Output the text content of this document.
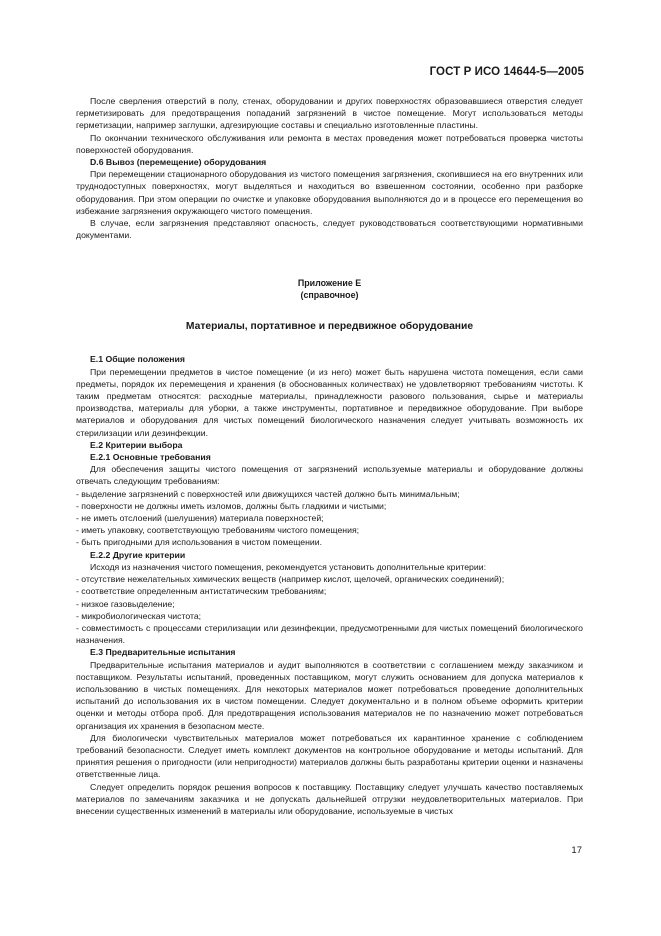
ГОСТ Р ИСО 14644-5—2005

После сверления отверстий в полу, стенах, оборудовании и других поверхностях образовавшиеся отверстия следует герметизировать для предотвращения попаданий загрязнений в чистое помещение. Могут использоваться методы герметизации, например заглушки, адгезирующие составы и специально изготовленные пластины.

По окончании технического обслуживания или ремонта в местах проведения может потребоваться проверка чистоты поверхностей оборудования.

D.6 Вывоз (перемещение) оборудования

При перемещении стационарного оборудования из чистого помещения загрязнения, скопившиеся на его внутренних или труднодоступных поверхностях, могут выделяться и находиться во взвешенном состоянии, особенно при разборке оборудования. При этом операции по очистке и упаковке оборудования выполняются до и в процессе его перемещения во избежание загрязнения окружающего чистого помещения.

В случае, если загрязнения представляют опасность, следует руководствоваться соответствующими нормативными документами.

Приложение Е

(справочное)

Материалы, портативное и передвижное оборудование

Е.1 Общие положения

При перемещении предметов в чистое помещение (и из него) может быть нарушена чистота помещения, если сами предметы, порядок их перемещения и хранения (в обоснованных количествах) не удовлетворяют требованиям чистоты. К таким предметам относятся: расходные материалы, принадлежности разового пользования, сырье и материалы производства, материалы для уборки, а также инструменты, портативное и передвижное оборудование. При выборе материалов и оборудования для чистых помещений биологического назначения следует учитывать возможность их стерилизации или дезинфекции.

Е.2 Критерии выбора

Е.2.1 Основные требования

Для обеспечения защиты чистого помещения от загрязнений используемые материалы и оборудование должны отвечать следующим требованиям:

- выделение загрязнений с поверхностей или движущихся частей должно быть минимальным;

- поверхности не должны иметь изломов, должны быть гладкими и чистыми;

- не иметь отслоений (шелушения) материала поверхностей;

- иметь упаковку, соответствующую требованиям чистого помещения;

- быть пригодными для использования в чистом помещении.

Е.2.2 Другие критерии

Исходя из назначения чистого помещения, рекомендуется установить дополнительные критерии:

- отсутствие нежелательных химических веществ (например кислот, щелочей, органических соединений);

- соответствие определенным антистатическим требованиям;

- низкое газовыделение;

- микробиологическая чистота;

- совместимость с процессами стерилизации или дезинфекции, предусмотренными для чистых помещений биологического назначения.

Е.3 Предварительные испытания

Предварительные испытания материалов и аудит выполняются в соответствии с соглашением между заказчиком и поставщиком. Результаты испытаний, проведенных поставщиком, могут служить основанием для допуска материалов к использованию в чистых помещениях. Для некоторых материалов может потребоваться проведение дополнительных испытаний до использования их в чистом помещении. Следует документально и в полном объеме оформить критерии оценки и методы отбора проб. Для предотвращения использования материалов не по назначению может потребоваться организация их хранения в безопасном месте.

Для биологически чувствительных материалов может потребоваться их карантинное хранение с соблюдением требований безопасности. Следует иметь комплект документов на контрольное оборудование и методы испытаний. Для принятия решения о пригодности (или непригодности) материалов должны быть разработаны критерии оценки и назначены ответственные лица.

Следует определить порядок решения вопросов к поставщику. Поставщику следует улучшать качество поставляемых материалов по замечаниям заказчика и не допускать дальнейшей отгрузки неудовлетворительных материалов. При внесении существенных изменений в материалы или оборудование, используемые в чистых

17
